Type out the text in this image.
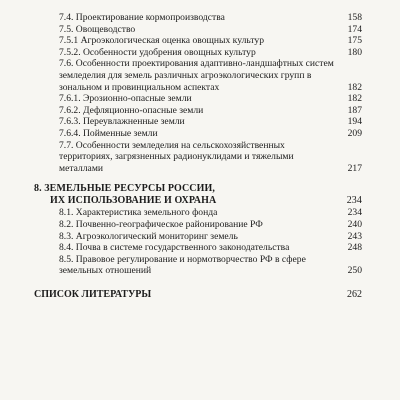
7.4. Проектирование кормопроизводства	158
7.5. Овощеводство	174
7.5.1 Агроэкологическая оценка овощных культур	175
7.5.2. Особенности удобрения овощных культур	180
7.6. Особенности проектирования адаптивно-ландшафтных систем земледелия для земель различных агроэкологических групп в зональном и провинциальном аспектах	182
7.6.1. Эрозионно-опасные земли	182
7.6.2. Дефляционно-опасные земли	187
7.6.3. Переувлажненные земли	194
7.6.4. Пойменные земли	209
7.7. Особенности земледелия на сельскохозяйственных территориях, загрязненных радионуклидами и тяжелыми металлами	217
8. ЗЕМЕЛЬНЫЕ РЕСУРСЫ РОССИИ,
ИХ ИСПОЛЬЗОВАНИЕ И ОХРАНА	234
8.1. Характеристика земельного фонда	234
8.2. Почвенно-географическое районирование РФ	240
8.3. Агроэкологический мониторинг земель	243
8.4. Почва в системе государственного законодательства	248
8.5. Правовое регулирование и нормотворчество РФ в сфере земельных отношений	250
СПИСОК ЛИТЕРАТУРЫ	262
